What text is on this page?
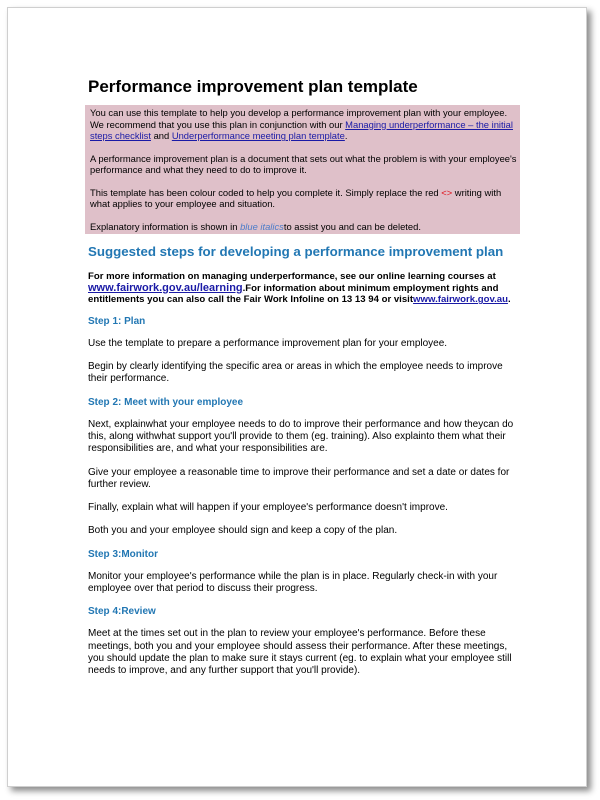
Performance improvement plan template

You can use this template to help you develop a performance improvement plan with your employee. We recommend that you use this plan in conjunction with our Managing underperformance – the initial steps checklist and Underperformance meeting plan template.

A performance improvement plan is a document that sets out what the problem is with your employee's performance and what they need to do to improve it.

This template has been colour coded to help you complete it. Simply replace the red <> writing with what applies to your employee and situation.

Explanatory information is shown in blue italicsto assist you and can be deleted.

Suggested steps for developing a performance improvement plan

For more information on managing underperformance, see our online learning courses at www.fairwork.gov.au/learning.For information about minimum employment rights and entitlements you can also call the Fair Work Infoline on 13 13 94 or visitwww.fairwork.gov.au.

Step 1: Plan

Use the template to prepare a performance improvement plan for your employee.

Begin by clearly identifying the specific area or areas in which the employee needs to improve their performance.

Step 2: Meet with your employee

Next, explainwhat your employee needs to do to improve their performance and how theycan do this, along withwhat support you'll provide to them (eg. training). Also explainto them what their responsibilities are, and what your responsibilities are.

Give your employee a reasonable time to improve their performance and set a date or dates for further review.

Finally, explain what will happen if your employee's performance doesn't improve.

Both you and your employee should sign and keep a copy of the plan.

Step 3:Monitor

Monitor your employee's performance while the plan is in place. Regularly check-in with your employee over that period to discuss their progress.

Step 4:Review

Meet at the times set out in the plan to review your employee's performance. Before these meetings, both you and your employee should assess their performance. After these meetings, you should update the plan to make sure it stays current (eg. to explain what your employee still needs to improve, and any further support that you'll provide).
